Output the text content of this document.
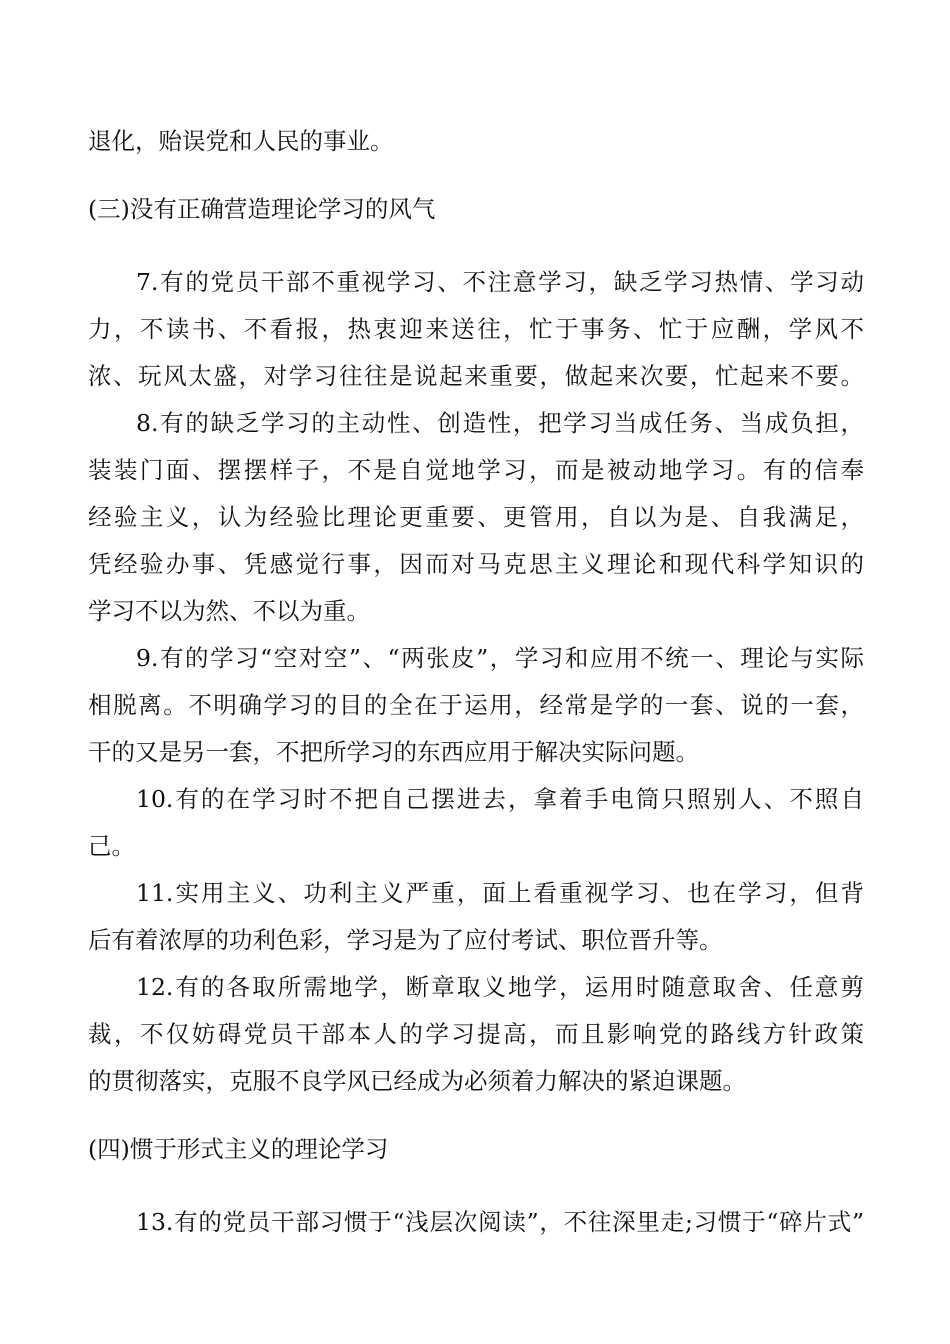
退化，贻误党和人民的事业。
(三)没有正确营造理论学习的风气
7.有的党员干部不重视学习、不注意学习，缺乏学习热情、学习动
力，不读书、不看报，热衷迎来送往，忙于事务、忙于应酬，学风不
浓、玩风太盛，对学习往往是说起来重要，做起来次要，忙起来不要。
8.有的缺乏学习的主动性、创造性，把学习当成任务、当成负担，
装装门面、摆摆样子，不是自觉地学习，而是被动地学习。有的信奉
经验主义，认为经验比理论更重要、更管用，自以为是、自我满足，
凭经验办事、凭感觉行事，因而对马克思主义理论和现代科学知识的
学习不以为然、不以为重。
9.有的学习“空对空”、“两张皮”，学习和应用不统一、理论与实际
相脱离。不明确学习的目的全在于运用，经常是学的一套、说的一套，
干的又是另一套，不把所学习的东西应用于解决实际问题。
10.有的在学习时不把自己摆进去，拿着手电筒只照别人、不照自
己。
11.实用主义、功利主义严重，面上看重视学习、也在学习，但背
后有着浓厚的功利色彩，学习是为了应付考试、职位晋升等。
12.有的各取所需地学，断章取义地学，运用时随意取舍、任意剪
裁，不仅妨碍党员干部本人的学习提高，而且影响党的路线方针政策
的贯彻落实，克服不良学风已经成为必须着力解决的紧迫课题。
(四)惯于形式主义的理论学习
13.有的党员干部习惯于“浅层次阅读”，不往深里走;习惯于“碎片式”
